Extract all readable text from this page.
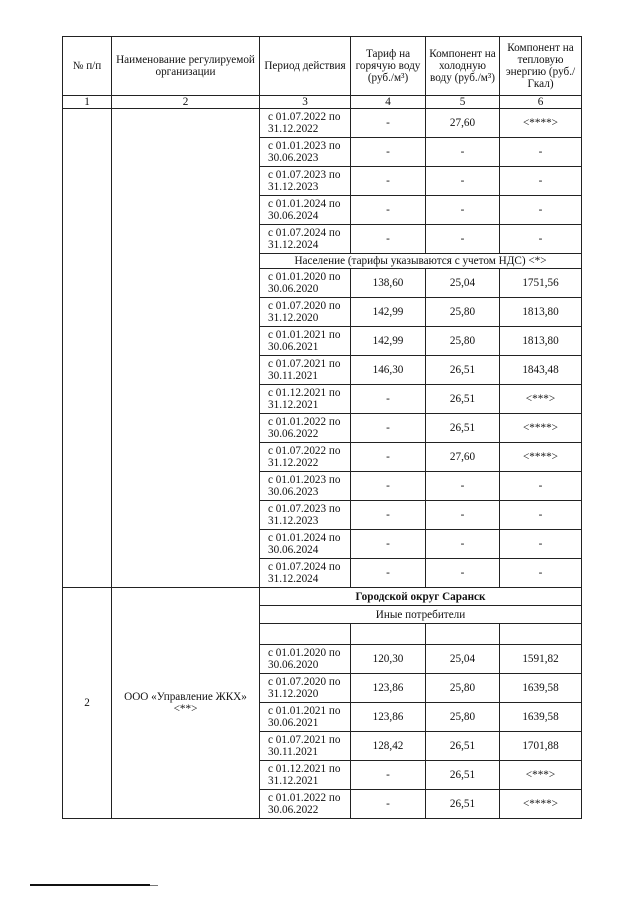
№ п/п	Наименование регулируемой организации	Период действия	Тариф на горячую воду (руб./м³)	Компонент на холодную воду (руб./м³)	Компонент на тепловую энергию (руб./Гкал)
1	2	3	4	5	6
		с 01.07.2022 по 31.12.2022	-	27,60	<****>
		с 01.01.2023 по 30.06.2023	-	-	-
		с 01.07.2023 по 31.12.2023	-	-	-
		с 01.01.2024 по 30.06.2024	-	-	-
		с 01.07.2024 по 31.12.2024	-	-	-
		Население (тарифы указываются с учетом НДС) <*>			
		с 01.01.2020 по 30.06.2020	138,60	25,04	1751,56
		с 01.07.2020 по 31.12.2020	142,99	25,80	1813,80
		с 01.01.2021 по 30.06.2021	142,99	25,80	1813,80
		с 01.07.2021 по 30.11.2021	146,30	26,51	1843,48
		с 01.12.2021 по 31.12.2021	-	26,51	<***>
		с 01.01.2022 по 30.06.2022	-	26,51	<****>
		с 01.07.2022 по 31.12.2022	-	27,60	<****>
		с 01.01.2023 по 30.06.2023	-	-	-
		с 01.07.2023 по 31.12.2023	-	-	-
		с 01.01.2024 по 30.06.2024	-	-	-
		с 01.07.2024 по 31.12.2024	-	-	-
2	ООО «Управление ЖКХ» <**>	Городской округ Саранск			
		Иные потребители			

		с 01.01.2020 по 30.06.2020	120,30	25,04	1591,82
		с 01.07.2020 по 31.12.2020	123,86	25,80	1639,58
		с 01.01.2021 по 30.06.2021	123,86	25,80	1639,58
		с 01.07.2021 по 30.11.2021	128,42	26,51	1701,88
		с 01.12.2021 по 31.12.2021	-	26,51	<***>
		с 01.01.2022 по 30.06.2022	-	26,51	<****>
